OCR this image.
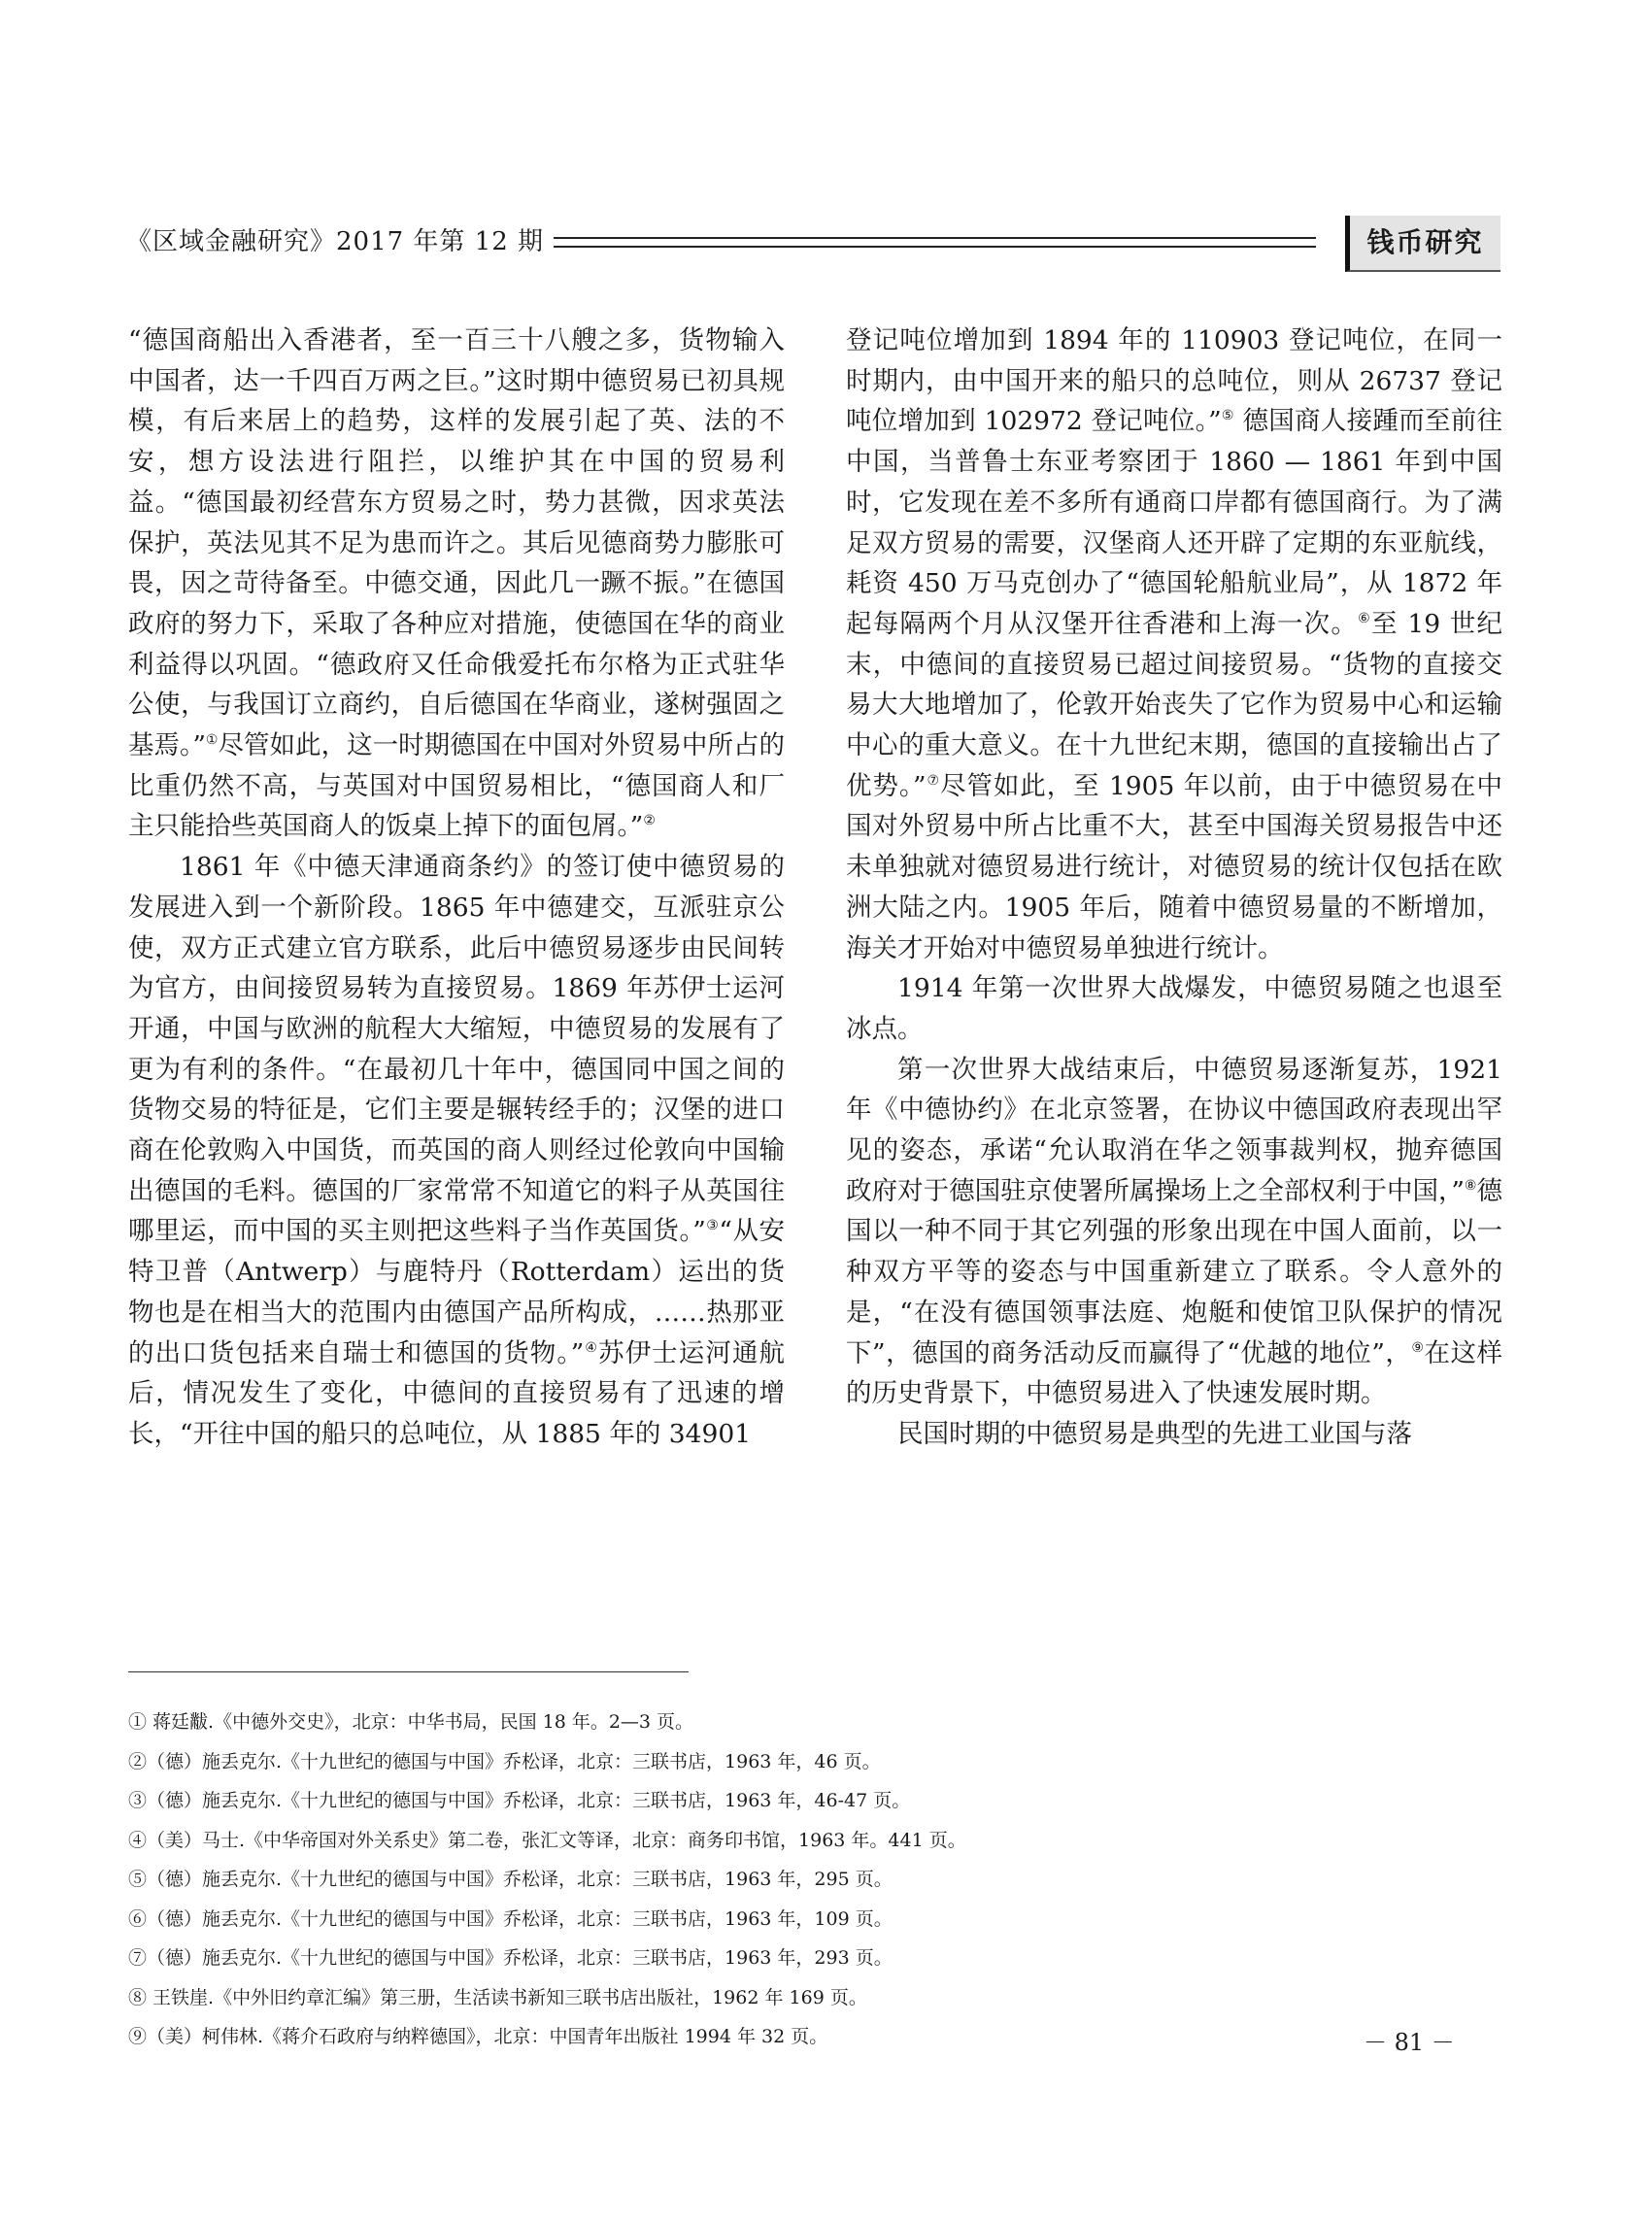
《区域金融研究》2017 年第 12 期	钱币研究

“德国商船出入香港者，至一百三十八艘之多，货物输入中国者，达一千四百万两之巨。”这时期中德贸易已初具规模，有后来居上的趋势，这样的发展引起了英、法的不安，想方设法进行阻拦，以维护其在中国的贸易利益。“德国最初经营东方贸易之时，势力甚微，因求英法保护，英法见其不足为患而许之。其后见德商势力膨胀可畏，因之苛待备至。中德交通，因此几一蹶不振。”在德国政府的努力下，采取了各种应对措施，使德国在华的商业利益得以巩固。“德政府又任命俄爱托布尔格为正式驻华公使，与我国订立商约，自后德国在华商业，遂树强固之基焉。”①尽管如此，这一时期德国在中国对外贸易中所占的比重仍然不高，与英国对中国贸易相比，“德国商人和厂主只能拾些英国商人的饭桌上掉下的面包屑。”②

1861 年《中德天津通商条约》的签订使中德贸易的发展进入到一个新阶段。1865 年中德建交，互派驻京公使，双方正式建立官方联系，此后中德贸易逐步由民间转为官方，由间接贸易转为直接贸易。1869 年苏伊士运河开通，中国与欧洲的航程大大缩短，中德贸易的发展有了更为有利的条件。“在最初几十年中，德国同中国之间的货物交易的特征是，它们主要是辗转经手的；汉堡的进口商在伦敦购入中国货，而英国的商人则经过伦敦向中国输出德国的毛料。德国的厂家常常不知道它的料子从英国往哪里运，而中国的买主则把这些料子当作英国货。”③“从安特卫普（Antwerp）与鹿特丹（Rotterdam）运出的货物也是在相当大的范围内由德国产品所构成，……热那亚的出口货包括来自瑞士和德国的货物。”④苏伊士运河通航后，情况发生了变化，中德间的直接贸易有了迅速的增长，“开往中国的船只的总吨位，从 1885 年的 34901

登记吨位增加到 1894 年的 110903 登记吨位，在同一时期内，由中国开来的船只的总吨位，则从 26737 登记吨位增加到 102972 登记吨位。”⑤ 德国商人接踵而至前往中国，当普鲁士东亚考察团于 1860 — 1861 年到中国时，它发现在差不多所有通商口岸都有德国商行。为了满足双方贸易的需要，汉堡商人还开辟了定期的东亚航线，耗资 450 万马克创办了“德国轮船航业局”，从 1872 年起每隔两个月从汉堡开往香港和上海一次。⑥至 19 世纪末，中德间的直接贸易已超过间接贸易。“货物的直接交易大大地增加了，伦敦开始丧失了它作为贸易中心和运输中心的重大意义。在十九世纪末期，德国的直接输出占了优势。”⑦尽管如此，至 1905 年以前，由于中德贸易在中国对外贸易中所占比重不大，甚至中国海关贸易报告中还未单独就对德贸易进行统计，对德贸易的统计仅包括在欧洲大陆之内。1905 年后，随着中德贸易量的不断增加，海关才开始对中德贸易单独进行统计。

1914 年第一次世界大战爆发，中德贸易随之也退至冰点。

第一次世界大战结束后，中德贸易逐渐复苏，1921 年《中德协约》在北京签署，在协议中德国政府表现出罕见的姿态，承诺“允认取消在华之领事裁判权，抛弃德国政府对于德国驻京使署所属操场上之全部权利于中国，”⑧德国以一种不同于其它列强的形象出现在中国人面前，以一种双方平等的姿态与中国重新建立了联系。令人意外的是，“在没有德国领事法庭、炮艇和使馆卫队保护的情况下”，德国的商务活动反而赢得了“优越的地位”，⑨在这样的历史背景下，中德贸易进入了快速发展时期。

民国时期的中德贸易是典型的先进工业国与落

① 蒋廷黻.《中德外交史》，北京：中华书局，民国 18 年。2—3 页。
②（德）施丢克尔.《十九世纪的德国与中国》乔松译，北京：三联书店，1963 年，46 页。
③（德）施丢克尔.《十九世纪的德国与中国》乔松译，北京：三联书店，1963 年，46-47 页。
④（美）马士.《中华帝国对外关系史》第二卷，张汇文等译，北京：商务印书馆，1963 年。441 页。
⑤（德）施丢克尔.《十九世纪的德国与中国》乔松译，北京：三联书店，1963 年，295 页。
⑥（德）施丢克尔.《十九世纪的德国与中国》乔松译，北京：三联书店，1963 年，109 页。
⑦（德）施丢克尔.《十九世纪的德国与中国》乔松译，北京：三联书店，1963 年，293 页。
⑧ 王铁崖.《中外旧约章汇编》第三册，生活读书新知三联书店出版社，1962 年 169 页。
⑨（美）柯伟林.《蒋介石政府与纳粹德国》，北京：中国青年出版社 1994 年 32 页。	－ 81 －
